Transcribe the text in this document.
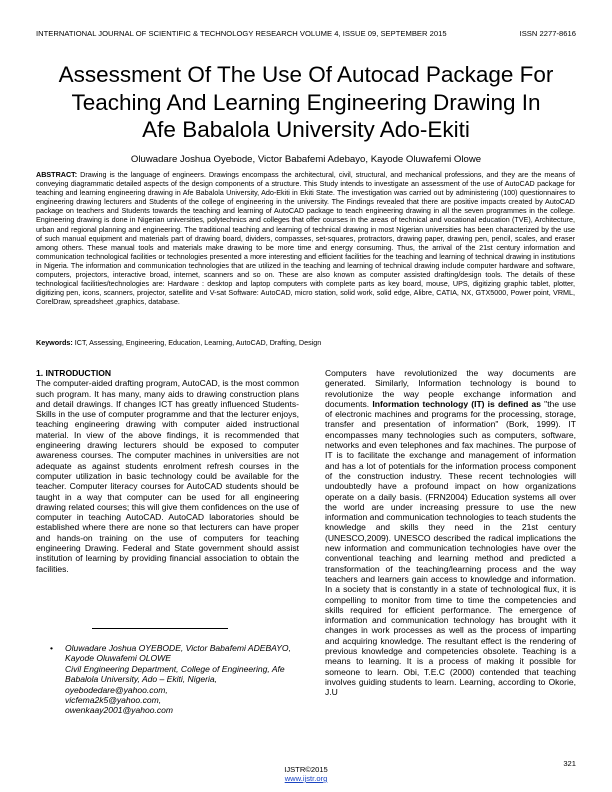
INTERNATIONAL JOURNAL OF SCIENTIFIC & TECHNOLOGY RESEARCH VOLUME 4, ISSUE 09, SEPTEMBER 2015	ISSN 2277-8616
Assessment Of The Use Of Autocad Package For
Teaching And Learning Engineering Drawing In
Afe Babalola University Ado-Ekiti
Oluwadare Joshua Oyebode, Victor Babafemi Adebayo, Kayode Oluwafemi Olowe
ABSTRACT: Drawing is the language of engineers. Drawings encompass the architectural, civil, structural, and mechanical professions, and they are the means of conveying diagrammatic detailed aspects of the design components of a structure. This Study intends to investigate an assessment of the use of AutoCAD package for teaching and learning engineering drawing in Afe Babalola University, Ado-Ekiti in Ekiti State. The investigation was carried out by administering (100) questionnaires to engineering drawing lecturers and Students of the college of engineering in the university. The Findings revealed that there are positive impacts created by AutoCAD package on teachers and Students towards the teaching and learning of AutoCAD package to teach engineering drawing in all the seven programmes in the college. Engineering drawing is done in Nigerian universities, polytechnics and colleges that offer courses in the areas of technical and vocational education (TVE), Architecture, urban and regional planning and engineering. The traditional teaching and learning of technical drawing in most Nigerian universities has been characterized by the use of such manual equipment and materials part of drawing board, dividers, compasses, set-squares, protractors, drawing paper, drawing pen, pencil, scales, and eraser among others. These manual tools and materials make drawing to be more time and energy consuming. Thus, the arrival of the 21st century information and communication technological facilities or technologies presented a more interesting and efficient facilities for the teaching and learning of technical drawing in institutions in Nigeria. The information and communication technologies that are utilized in the teaching and learning of technical drawing include computer hardware and software, computers, projectors, interactive broad, internet, scanners and so on. These are also known as computer assisted drafting/design tools. The details of these technological facilities/technologies are: Hardware : desktop and laptop computers with complete parts as key board, mouse, UPS, digitizing graphic tablet, plotter, digitizing pen, icons, scanners, projector, satellite and V-sat Software: AutoCAD, micro station, solid work, solid edge, Alibre, CATIA, NX, GTX5000, Power point, VRML, CorelDraw, spreadsheet ,graphics, database.
Keywords: ICT, Assessing, Engineering, Education, Learning, AutoCAD, Drafting, Design
1. INTRODUCTION
The computer-aided drafting program, AutoCAD, is the most common such program. It has many, many aids to drawing construction plans and detail drawings. If changes ICT has greatly influenced Students-Skills in the use of computer programme and that the lecturer enjoys, teaching engineering drawing with computer aided instructional material. In view of the above findings, it is recommended that engineering drawing lecturers should be exposed to computer awareness courses. The computer machines in universities are not adequate as against students enrolment refresh courses in the computer utilization in basic technology could be available for the teacher. Computer literacy courses for AutoCAD students should be taught in a way that computer can be used for all engineering drawing related courses; this will give them confidences on the use of computer in teaching AutoCAD. AutoCAD laboratories should be established where there are none so that lecturers can have proper and hands-on training on the use of computers for teaching engineering Drawing. Federal and State government should assist institution of learning by providing financial association to obtain the facilities.
• Oluwadare Joshua OYEBODE, Victor Babafemi ADEBAYO, Kayode Oluwafemi OLOWE
Civil Engineering Department, College of Engineering, Afe Babalola University, Ado – Ekiti, Nigeria,
oyebodedare@yahoo.com,
vicfema2k5@yahoo.com,
owenkaay2001@yahoo.com
Computers have revolutionized the way documents are generated. Similarly, Information technology is bound to revolutionize the way people exchange information and documents. Information technology (IT) is defined as "the use of electronic machines and programs for the processing, storage, transfer and presentation of information" (Bork, 1999). IT encompasses many technologies such as computers, software, networks and even telephones and fax machines. The purpose of IT is to facilitate the exchange and management of information and has a lot of potentials for the information process component of the construction industry. These recent technologies will undoubtedly have a profound impact on how organizations operate on a daily basis. (FRN2004) Education systems all over the world are under increasing pressure to use the new information and communication technologies to teach students the knowledge and skills they need in the 21st century (UNESCO,2009). UNESCO described the radical implications the new information and communication technologies have over the conventional teaching and learning method and predicted a transformation of the teaching/learning process and the way teachers and learners gain access to knowledge and information. In a society that is constantly in a state of technological flux, it is compelling to monitor from time to time the competencies and skills required for efficient performance. The emergence of information and communication technology has brought with it changes in work processes as well as the process of imparting and acquiring knowledge. The resultant effect is the rendering of previous knowledge and competencies obsolete. Teaching is a means to learning. It is a process of making it possible for someone to learn. Obi, T.E.C (2000) contended that teaching involves guiding students to learn. Learning, according to Okorie, J.U
321
IJSTR©2015
www.ijstr.org
